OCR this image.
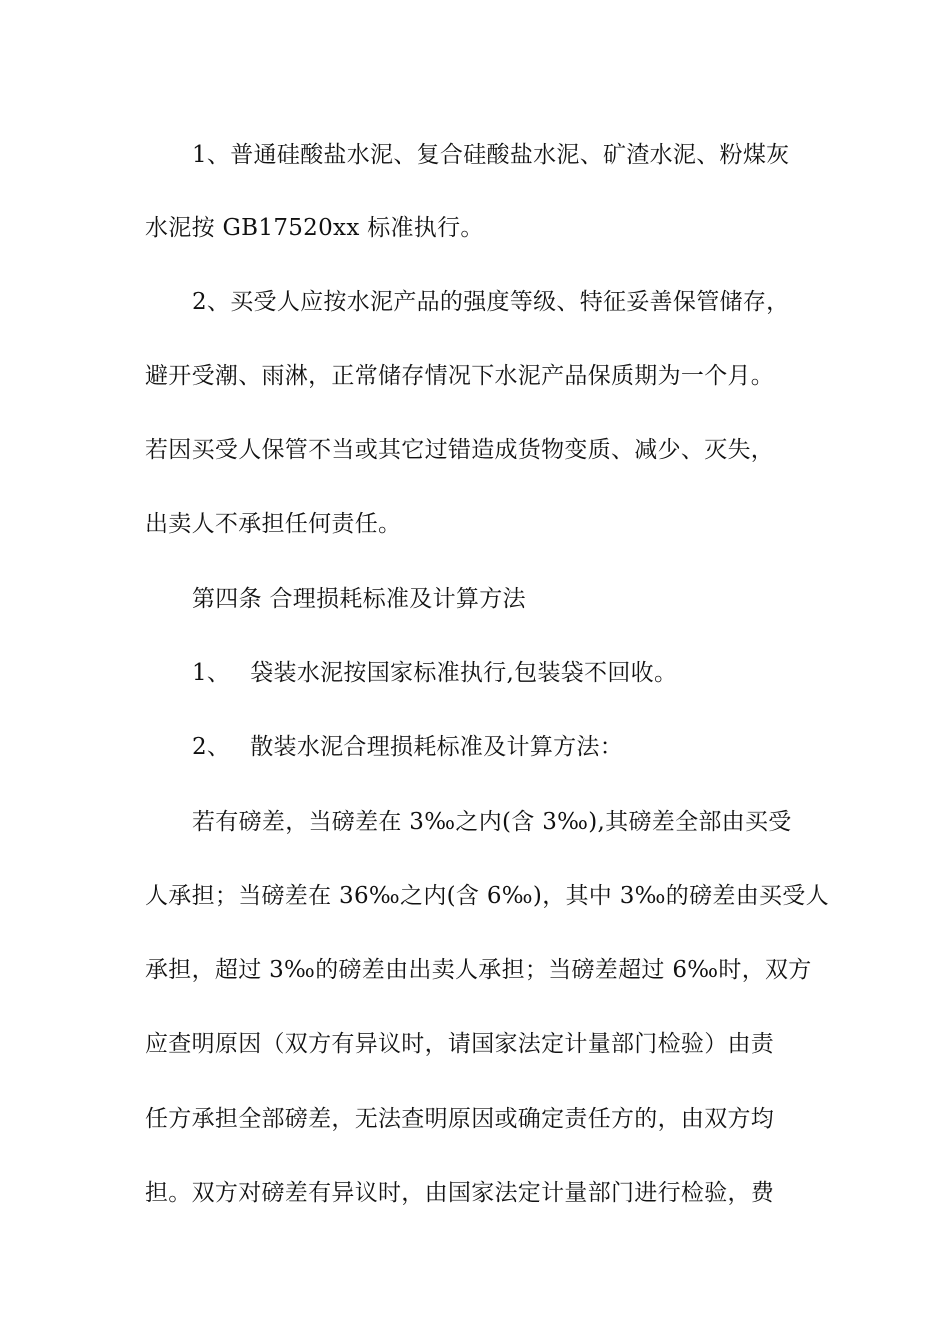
1、普通硅酸盐水泥、复合硅酸盐水泥、矿渣水泥、粉煤灰

水泥按 GB17520xx 标准执行。

2、买受人应按水泥产品的强度等级、特征妥善保管储存，

避开受潮、雨淋，正常储存情况下水泥产品保质期为一个月。

若因买受人保管不当或其它过错造成货物变质、减少、灭失，

出卖人不承担任何责任。

第四条 合理损耗标准及计算方法

1、 袋装水泥按国家标准执行,包装袋不回收。

2、 散装水泥合理损耗标准及计算方法：

若有磅差，当磅差在 3‰之内(含 3‰),其磅差全部由买受

人承担；当磅差在 36‰之内(含 6‰)，其中 3‰的磅差由买受人

承担，超过 3‰的磅差由出卖人承担；当磅差超过 6‰时，双方

应查明原因（双方有异议时，请国家法定计量部门检验）由责

任方承担全部磅差，无法查明原因或确定责任方的，由双方均

担。双方对磅差有异议时，由国家法定计量部门进行检验，费
